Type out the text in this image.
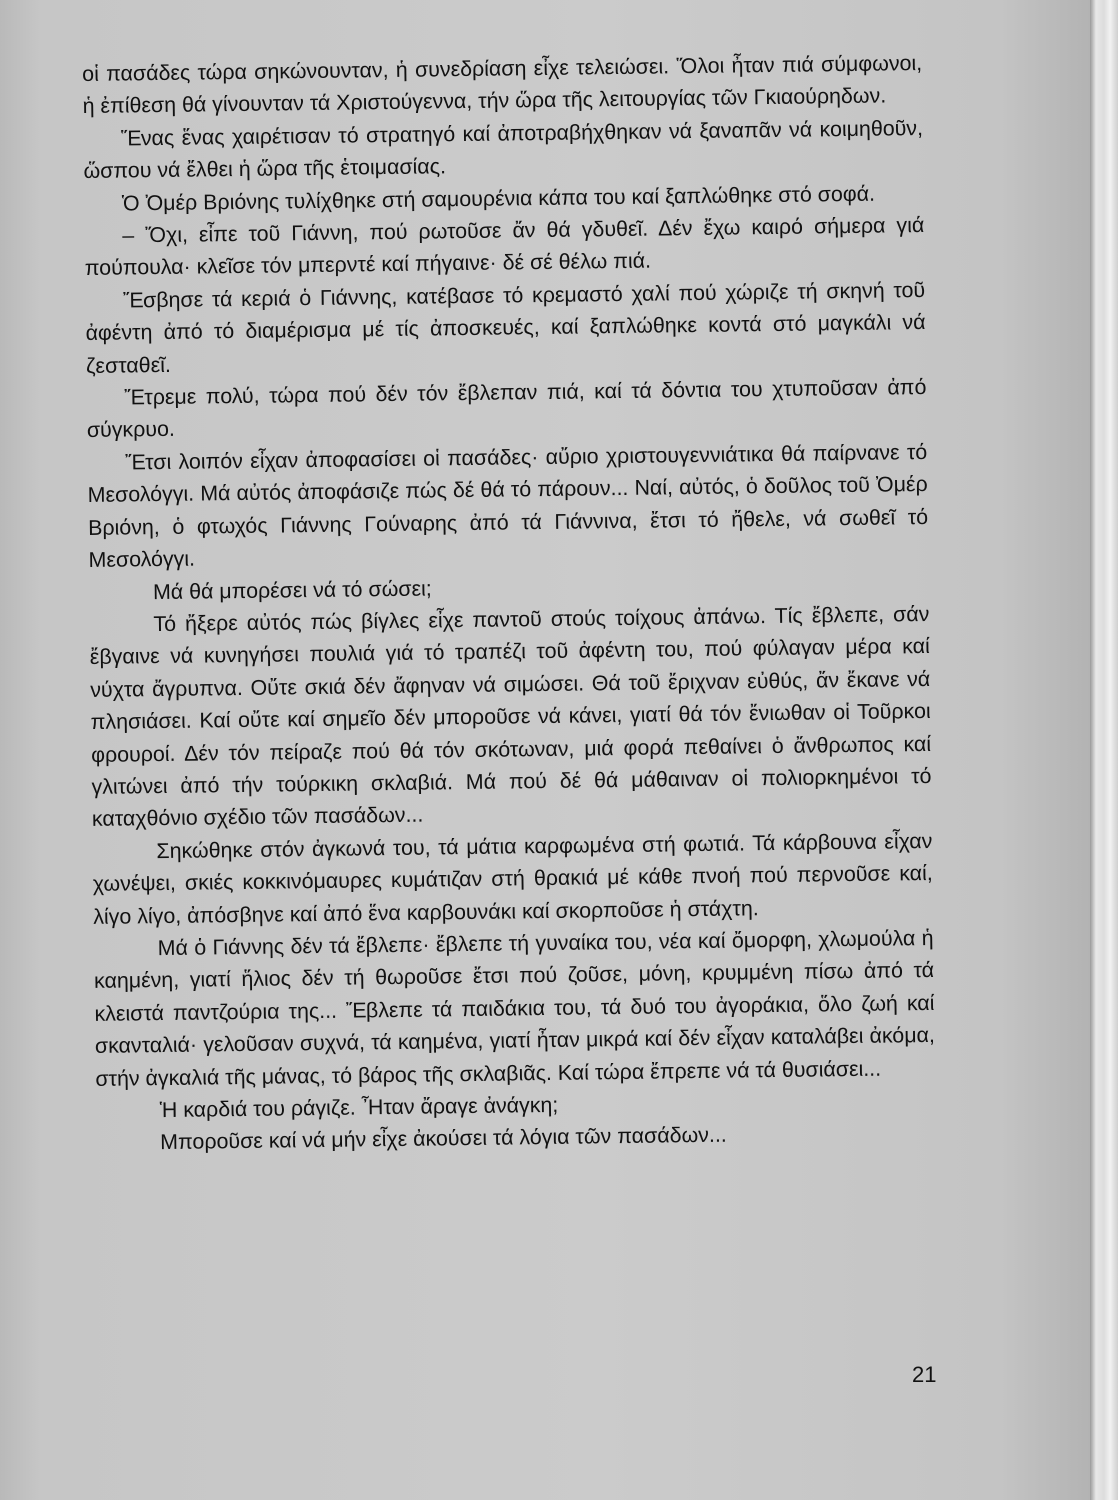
οἱ πασάδες τώρα σηκώνουνταν, ἡ συνεδρίαση εἶχε τελειώσει. Ὅλοι ἦταν πιά σύμφωνοι, ἡ ἐπίθεση θά γίνουνταν τά Χριστούγεννα, τήν ὥρα τῆς λειτουργίας τῶν Γκιαούρηδων.

Ἕνας ἕνας χαιρέτισαν τό στρατηγό καί ἀποτραβήχθηκαν νά ξαναπᾶν νά κοιμηθοῦν, ὥσπου νά ἔλθει ἡ ὥρα τῆς ἑτοιμασίας.

Ὁ Ὀμέρ Βριόνης τυλίχθηκε στή σαμουρένια κάπα του καί ξαπλώθηκε στό σοφά.

– Ὄχι, εἶπε τοῦ Γιάννη, πού ρωτοῦσε ἄν θά γδυθεῖ. Δέν ἔχω καιρό σήμερα γιά πούπουλα· κλεῖσε τόν μπερντέ καί πήγαινε· δέ σέ θέλω πιά.

Ἔσβησε τά κεριά ὁ Γιάννης, κατέβασε τό κρεμαστό χαλί πού χώριζε τή σκηνή τοῦ ἀφέντη ἀπό τό διαμέρισμα μέ τίς ἀποσκευές, καί ξαπλώθηκε κοντά στό μαγκάλι νά ζεσταθεῖ.

Ἔτρεμε πολύ, τώρα πού δέν τόν ἔβλεπαν πιά, καί τά δόντια του χτυποῦσαν ἀπό σύγκρυο.

Ἔτσι λοιπόν εἶχαν ἀποφασίσει οἱ πασάδες· αὔριο χριστουγεννιάτικα θά παίρνανε τό Μεσολόγγι. Μά αὐτός ἀποφάσιζε πώς δέ θά τό πάρουν... Ναί, αὐτός, ὁ δοῦλος τοῦ Ὀμέρ Βριόνη, ὁ φτωχός Γιάννης Γούναρης ἀπό τά Γιάννινα, ἔτσι τό ἤθελε, νά σωθεῖ τό Μεσολόγγι.

Μά θά μπορέσει νά τό σώσει;

Τό ἤξερε αὐτός πώς βίγλες εἶχε παντοῦ στούς τοίχους ἀπάνω. Τίς ἔβλεπε, σάν ἔβγαινε νά κυνηγήσει πουλιά γιά τό τραπέζι τοῦ ἀφέντη του, πού φύλαγαν μέρα καί νύχτα ἄγρυπνα. Οὔτε σκιά δέν ἄφηναν νά σιμώσει. Θά τοῦ ἔριχναν εὐθύς, ἄν ἔκανε νά πλησιάσει. Καί οὔτε καί σημεῖο δέν μποροῦσε νά κάνει, γιατί θά τόν ἔνιωθαν οἱ Τοῦρκοι φρουροί. Δέν τόν πείραζε πού θά τόν σκότωναν, μιά φορά πεθαίνει ὁ ἄνθρωπος καί γλιτώνει ἀπό τήν τούρκικη σκλαβιά. Μά πού δέ θά μάθαιναν οἱ πολιορκημένοι τό καταχθόνιο σχέδιο τῶν πασάδων...

Σηκώθηκε στόν ἀγκωνά του, τά μάτια καρφωμένα στή φωτιά. Τά κάρβουνα εἶχαν χωνέψει, σκιές κοκκινόμαυρες κυμάτιζαν στή θρακιά μέ κάθε πνοή πού περνοῦσε καί, λίγο λίγο, ἀπόσβηνε καί ἀπό ἕνα καρβουνάκι καί σκορποῦσε ἡ στάχτη.

Μά ὁ Γιάννης δέν τά ἔβλεπε· ἔβλεπε τή γυναίκα του, νέα καί ὄμορφη, χλωμούλα ἡ καημένη, γιατί ἥλιος δέν τή θωροῦσε ἔτσι πού ζοῦσε, μόνη, κρυμμένη πίσω ἀπό τά κλειστά παντζούρια της... Ἔβλεπε τά παιδάκια του, τά δυό του ἀγοράκια, ὅλο ζωή καί σκανταλιά· γελοῦσαν συχνά, τά καημένα, γιατί ἦταν μικρά καί δέν εἶχαν καταλάβει ἀκόμα, στήν ἀγκαλιά τῆς μάνας, τό βάρος τῆς σκλαβιᾶς. Καί τώρα ἔπρεπε νά τά θυσιάσει...

Ἡ καρδιά του ράγιζε. Ἦταν ἄραγε ἀνάγκη;

Μποροῦσε καί νά μήν εἶχε ἀκούσει τά λόγια τῶν πασάδων...

21
